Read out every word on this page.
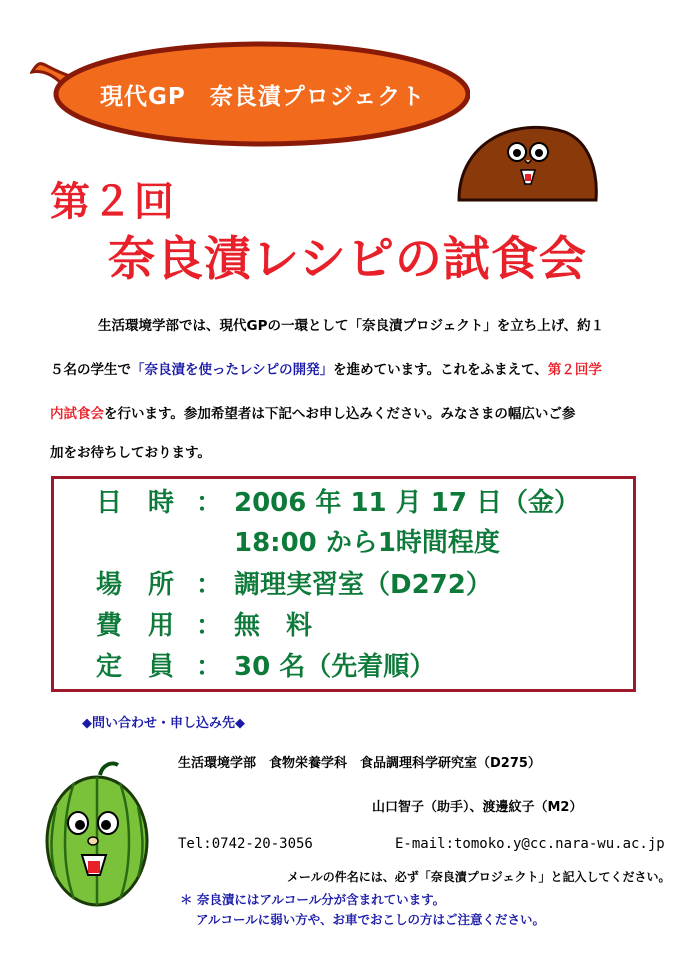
現代GP　奈良漬プロジェクト
第２回
奈良漬レシピの試食会
生活環境学部では、現代GPの一環として「奈良漬プロジェクト」を立ち上げ、約１
５名の学生で「奈良漬を使ったレシピの開発」を進めています。これをふまえて、第２回学
内試食会を行います。参加希望者は下記へお申し込みください。みなさまの幅広いご参
加をお待ちしております。
日　時 ： 2006 年 11 月 17 日（金）
18:00 から1時間程度
場　所 ： 調理実習室（D272）
費　用 ： 無　料
定　員 ： 30 名（先着順）
◆問い合わせ・申し込み先◆
生活環境学部　食物栄養学科　食品調理科学研究室（D275）
山口智子（助手）、渡邊紋子（M2）
Tel:0742-20-3056	E-mail:tomoko.y@cc.nara-wu.ac.jp
メールの件名には、必ず「奈良漬プロジェクト」と記入してください。
＊ 奈良漬にはアルコール分が含まれています。
アルコールに弱い方や、お車でおこしの方はご注意ください。
